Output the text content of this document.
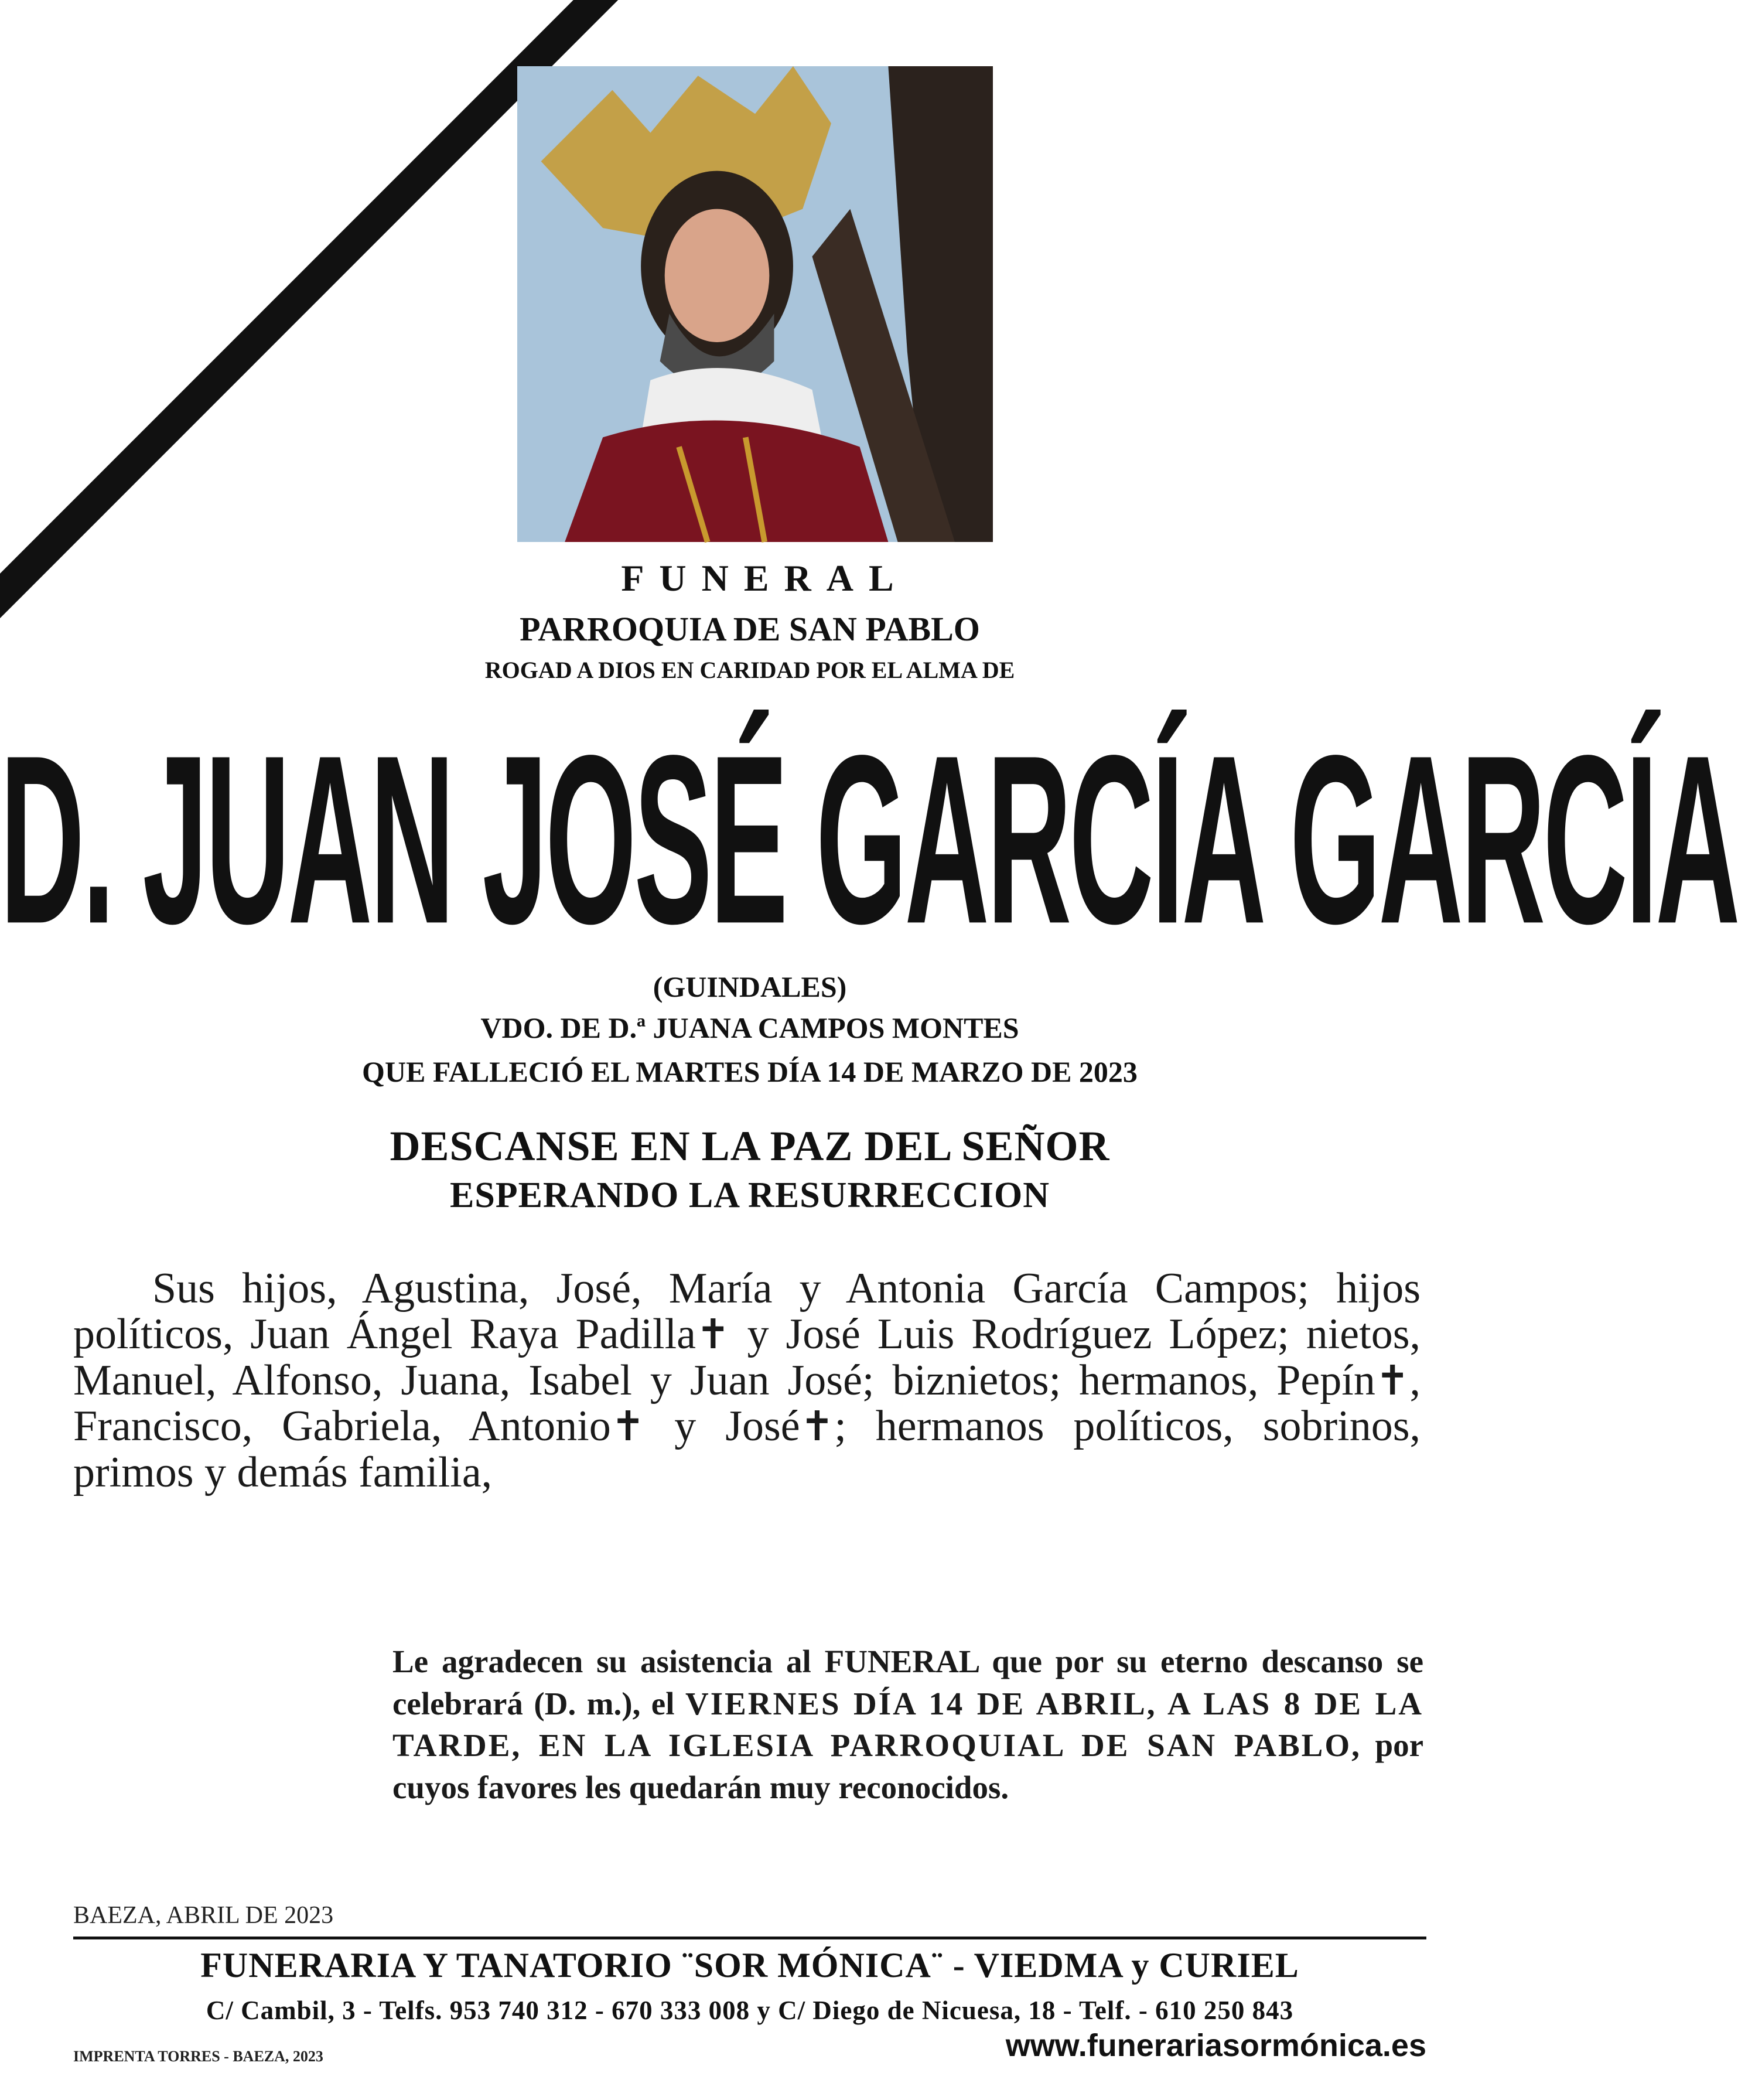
FUNERAL
PARROQUIA DE SAN PABLO
ROGAD A DIOS EN CARIDAD POR EL ALMA DE
D. JUAN JOSÉ GARCÍA GARCÍA
(GUINDALES)
VDO. DE D.ª JUANA CAMPOS MONTES
QUE FALLECIÓ EL MARTES DÍA 14 DE MARZO DE 2023
DESCANSE EN LA PAZ DEL SEÑOR
ESPERANDO LA RESURRECCION
Sus hijos, Agustina, José, María y Antonia García Campos; hijos políticos, Juan Ángel Raya Padilla✝ y José Luis Rodríguez López; nietos, Manuel, Alfonso, Juana, Isabel y Juan José; biznietos; hermanos, Pepín✝, Francisco, Gabriela, Antonio✝ y José✝; hermanos políticos, sobrinos, primos y demás familia,
Le agradecen su asistencia al FUNERAL que por su eterno descanso se celebrará (D. m.), el VIERNES DÍA 14 DE ABRIL, A LAS 8 DE LA TARDE, EN LA IGLESIA PARROQUIAL DE SAN PABLO, por cuyos favores les quedarán muy reconocidos.
BAEZA, ABRIL DE 2023
FUNERARIA Y TANATORIO ¨SOR MÓNICA¨ - VIEDMA y CURIEL
C/ Cambil, 3 - Telfs. 953 740 312 - 670 333 008 y C/ Diego de Nicuesa, 18 - Telf. - 610 250 843
IMPRENTA TORRES - BAEZA, 2023	www.funerariasormónica.es
